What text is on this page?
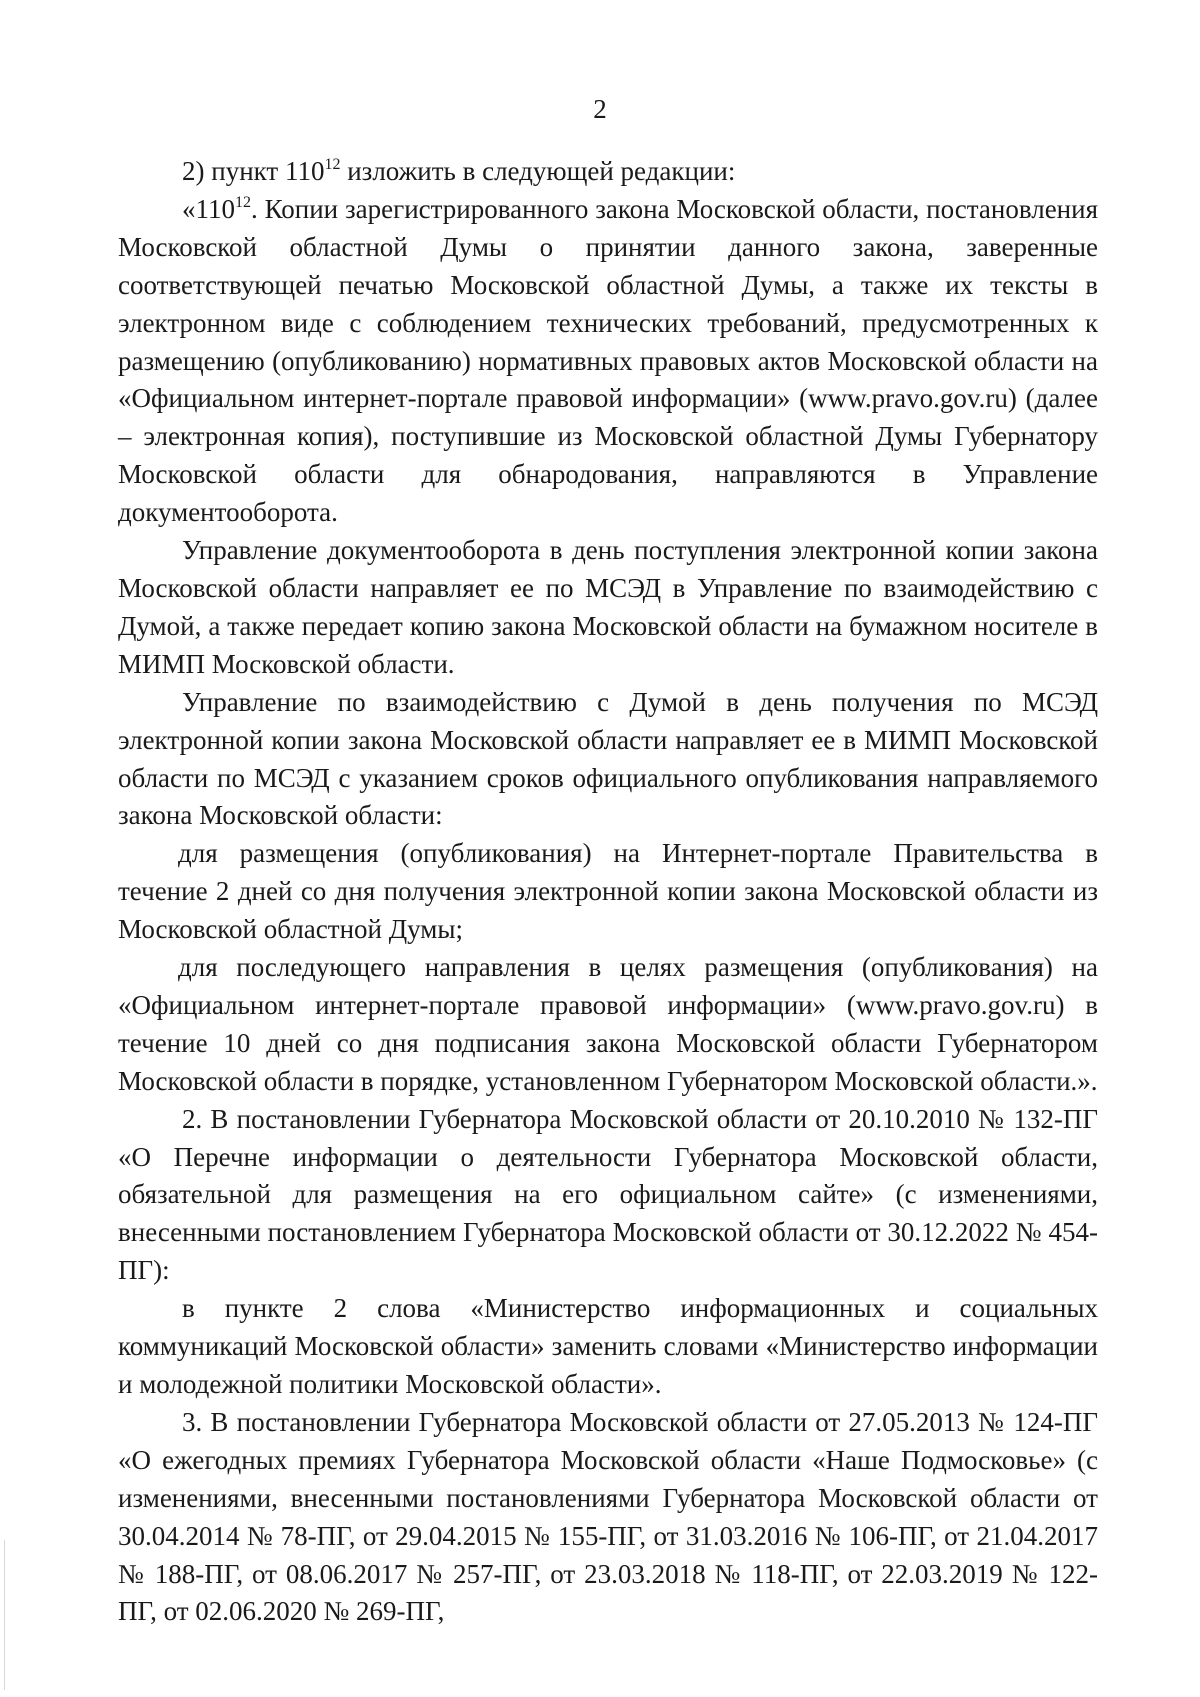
2

2) пункт $110^{12}$ изложить в следующей редакции:

«$110^{12}$. Копии зарегистрированного закона Московской области, постановления Московской областной Думы о принятии данного закона, заверенные соответствующей печатью Московской областной Думы, а также их тексты в электронном виде с соблюдением технических требований, предусмотренных к размещению (опубликованию) нормативных правовых актов Московской области на «Официальном интернет-портале правовой информации» (www.pravo.gov.ru) (далее – электронная копия), поступившие из Московской областной Думы Губернатору Московской области для обнародования, направляются в Управление документооборота.

Управление документооборота в день поступления электронной копии закона Московской области направляет ее по МСЭД в Управление по взаимодействию с Думой, а также передает копию закона Московской области на бумажном носителе в МИМП Московской области.

Управление по взаимодействию с Думой в день получения по МСЭД электронной копии закона Московской области направляет ее в МИМП Московской области по МСЭД с указанием сроков официального опубликования направляемого закона Московской области:

для размещения (опубликования) на Интернет-портале Правительства в течение 2 дней со дня получения электронной копии закона Московской области из Московской областной Думы;

для последующего направления в целях размещения (опубликования) на «Официальном интернет-портале правовой информации» (www.pravo.gov.ru) в течение 10 дней со дня подписания закона Московской области Губернатором Московской области в порядке, установленном Губернатором Московской области.».

2. В постановлении Губернатора Московской области от 20.10.2010 № 132-ПГ «О Перечне информации о деятельности Губернатора Московской области, обязательной для размещения на его официальном сайте» (с изменениями, внесенными постановлением Губернатора Московской области от 30.12.2022 № 454-ПГ):

в пункте 2 слова «Министерство информационных и социальных коммуникаций Московской области» заменить словами «Министерство информации и молодежной политики Московской области».

3. В постановлении Губернатора Московской области от 27.05.2013 № 124-ПГ «О ежегодных премиях Губернатора Московской области «Наше Подмосковье» (с изменениями, внесенными постановлениями Губернатора Московской области от 30.04.2014 № 78-ПГ, от 29.04.2015 № 155-ПГ, от 31.03.2016 № 106-ПГ, от 21.04.2017 № 188-ПГ, от 08.06.2017 № 257-ПГ, от 23.03.2018 № 118-ПГ, от 22.03.2019 № 122-ПГ, от 02.06.2020 № 269-ПГ,
